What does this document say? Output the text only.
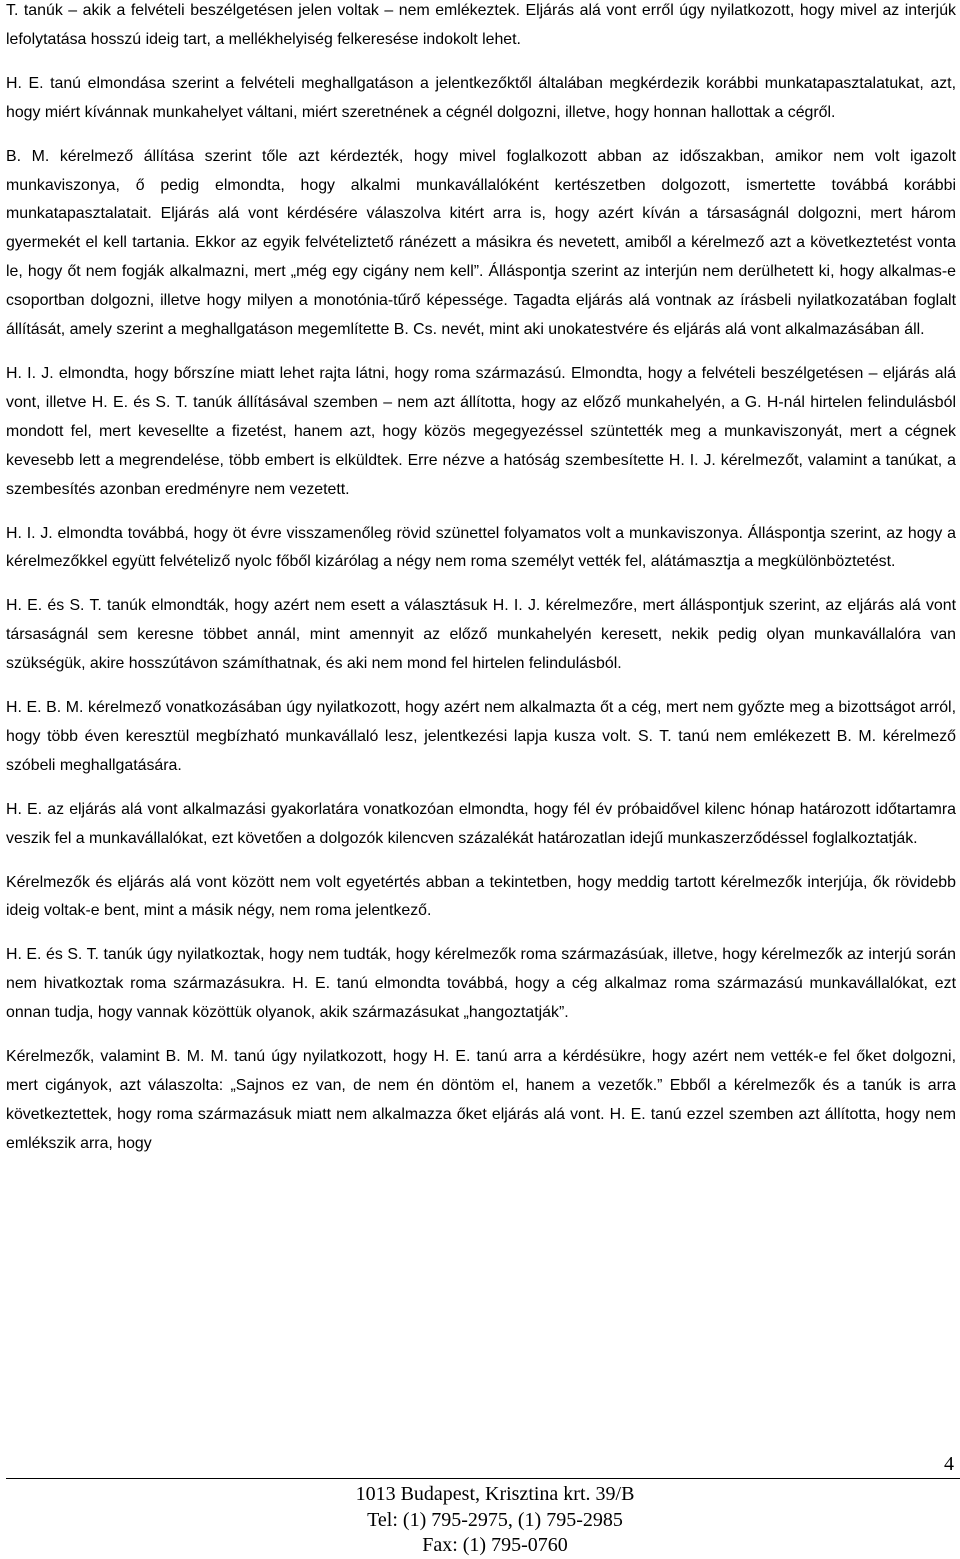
T. tanúk – akik a felvételi beszélgetésen jelen voltak – nem emlékeztek. Eljárás alá vont erről úgy nyilatkozott, hogy mivel az interjúk lefolytatása hosszú ideig tart, a mellékhelyiség felkeresése indokolt lehet.

H. E. tanú elmondása szerint a felvételi meghallgatáson a jelentkezőktől általában megkérdezik korábbi munkatapasztalatukat, azt, hogy miért kívánnak munkahelyet váltani, miért szeretnének a cégnél dolgozni, illetve, hogy honnan hallottak a cégről.

B. M. kérelmező állítása szerint tőle azt kérdezték, hogy mivel foglalkozott abban az időszakban, amikor nem volt igazolt munkaviszonya, ő pedig elmondta, hogy alkalmi munkavállalóként kertészetben dolgozott, ismertette továbbá korábbi munkatapasztalatait. Eljárás alá vont kérdésére válaszolva kitért arra is, hogy azért kíván a társaságnál dolgozni, mert három gyermekét el kell tartania. Ekkor az egyik felvételiztető ránézett a másikra és nevetett, amiből a kérelmező azt a következtetést vonta le, hogy őt nem fogják alkalmazni, mert „még egy cigány nem kell”. Álláspontja szerint az interjún nem derülhetett ki, hogy alkalmas-e csoportban dolgozni, illetve hogy milyen a monotónia-tűrő képessége. Tagadta eljárás alá vontnak az írásbeli nyilatkozatában foglalt állítását, amely szerint a meghallgatáson megemlítette B. Cs. nevét, mint aki unokatestvére és eljárás alá vont alkalmazásában áll.

H. I. J. elmondta, hogy bőrszíne miatt lehet rajta látni, hogy roma származású. Elmondta, hogy a felvételi beszélgetésen – eljárás alá vont, illetve H. E. és S. T. tanúk állításával szemben – nem azt állította, hogy az előző munkahelyén, a G. H-nál hirtelen felindulásból mondott fel, mert kevesellte a fizetést, hanem azt, hogy közös megegyezéssel szüntették meg a munkaviszonyát, mert a cégnek kevesebb lett a megrendelése, több embert is elküldtek. Erre nézve a hatóság szembesítette H. I. J. kérelmezőt, valamint a tanúkat, a szembesítés azonban eredményre nem vezetett.

H. I. J. elmondta továbbá, hogy öt évre visszamenőleg rövid szünettel folyamatos volt a munkaviszonya. Álláspontja szerint, az hogy a kérelmezőkkel együtt felvételiző nyolc főből kizárólag a négy nem roma személyt vették fel, alátámasztja a megkülönböztetést.

H. E. és S. T. tanúk elmondták, hogy azért nem esett a választásuk H. I. J. kérelmezőre, mert álláspontjuk szerint, az eljárás alá vont társaságnál sem keresne többet annál, mint amennyit az előző munkahelyén keresett, nekik pedig olyan munkavállalóra van szükségük, akire hosszútávon számíthatnak, és aki nem mond fel hirtelen felindulásból.

H. E. B. M. kérelmező vonatkozásában úgy nyilatkozott, hogy azért nem alkalmazta őt a cég, mert nem győzte meg a bizottságot arról, hogy több éven keresztül megbízható munkavállaló lesz, jelentkezési lapja kusza volt. S. T. tanú nem emlékezett B. M. kérelmező szóbeli meghallgatására.

H. E. az eljárás alá vont alkalmazási gyakorlatára vonatkozóan elmondta, hogy fél év próbaidővel kilenc hónap határozott időtartamra veszik fel a munkavállalókat, ezt követően a dolgozók kilencven százalékát határozatlan idejű munkaszerződéssel foglalkoztatják.

Kérelmezők és eljárás alá vont között nem volt egyetértés abban a tekintetben, hogy meddig tartott kérelmezők interjúja, ők rövidebb ideig voltak-e bent, mint a másik négy, nem roma jelentkező.

H. E. és S. T. tanúk úgy nyilatkoztak, hogy nem tudták, hogy kérelmezők roma származásúak, illetve, hogy kérelmezők az interjú során nem hivatkoztak roma származásukra. H. E. tanú elmondta továbbá, hogy a cég alkalmaz roma származású munkavállalókat, ezt onnan tudja, hogy vannak közöttük olyanok, akik származásukat „hangoztatják”.

Kérelmezők, valamint B. M. M. tanú úgy nyilatkozott, hogy H. E. tanú arra a kérdésükre, hogy azért nem vették-e fel őket dolgozni, mert cigányok, azt válaszolta: „Sajnos ez van, de nem én döntöm el, hanem a vezetők.” Ebből a kérelmezők és a tanúk is arra következtettek, hogy roma származásuk miatt nem alkalmazza őket eljárás alá vont. H. E. tanú ezzel szemben azt állította, hogy nem emlékszik arra, hogy

4
1013 Budapest, Krisztina krt. 39/B
Tel: (1) 795-2975, (1) 795-2985
Fax: (1) 795-0760
